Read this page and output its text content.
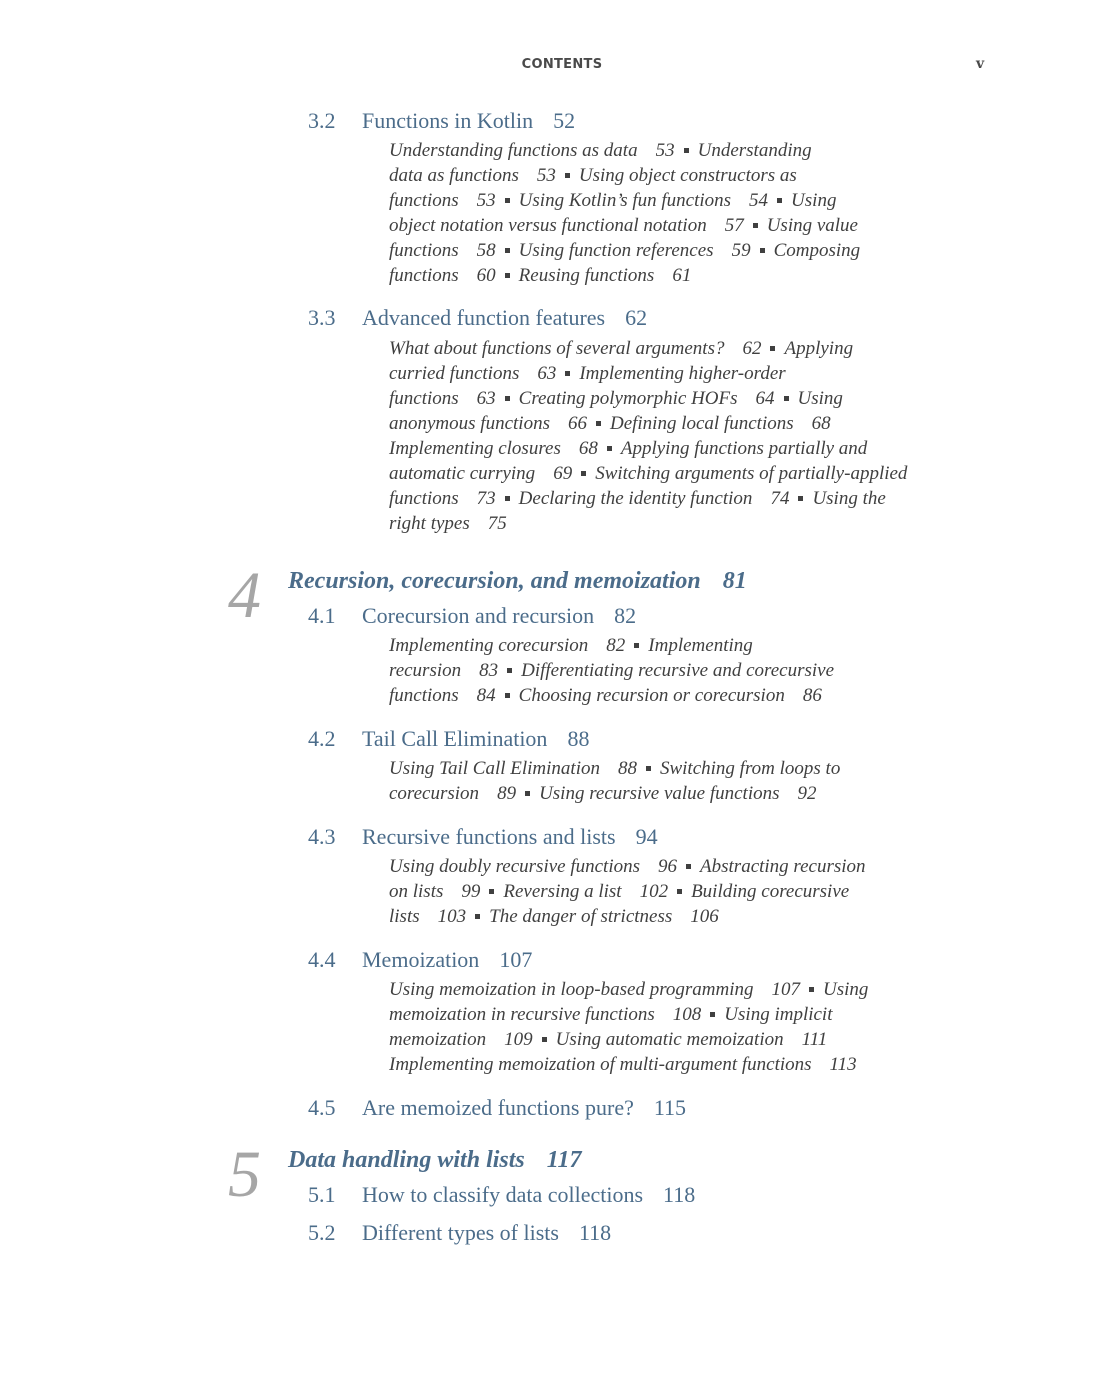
CONTENTS	v
3.2 Functions in Kotlin 52
Understanding functions as data 53 Understanding
data as functions 53 Using object constructors as
functions 53 Using Kotlin’s fun functions 54 Using
object notation versus functional notation 57 Using value
functions 58 Using function references 59 Composing
functions 60 Reusing functions 61
3.3 Advanced function features 62
What about functions of several arguments? 62 Applying
curried functions 63 Implementing higher-order
functions 63 Creating polymorphic HOFs 64 Using
anonymous functions 66 Defining local functions 68
Implementing closures 68 Applying functions partially and
automatic currying 69 Switching arguments of partially-applied
functions 73 Declaring the identity function 74 Using the
right types 75
4 Recursion, corecursion, and memoization 81
4.1 Corecursion and recursion 82
Implementing corecursion 82 Implementing
recursion 83 Differentiating recursive and corecursive
functions 84 Choosing recursion or corecursion 86
4.2 Tail Call Elimination 88
Using Tail Call Elimination 88 Switching from loops to
corecursion 89 Using recursive value functions 92
4.3 Recursive functions and lists 94
Using doubly recursive functions 96 Abstracting recursion
on lists 99 Reversing a list 102 Building corecursive
lists 103 The danger of strictness 106
4.4 Memoization 107
Using memoization in loop-based programming 107 Using
memoization in recursive functions 108 Using implicit
memoization 109 Using automatic memoization 111
Implementing memoization of multi-argument functions 113
4.5 Are memoized functions pure? 115
5 Data handling with lists 117
5.1 How to classify data collections 118
5.2 Different types of lists 118
